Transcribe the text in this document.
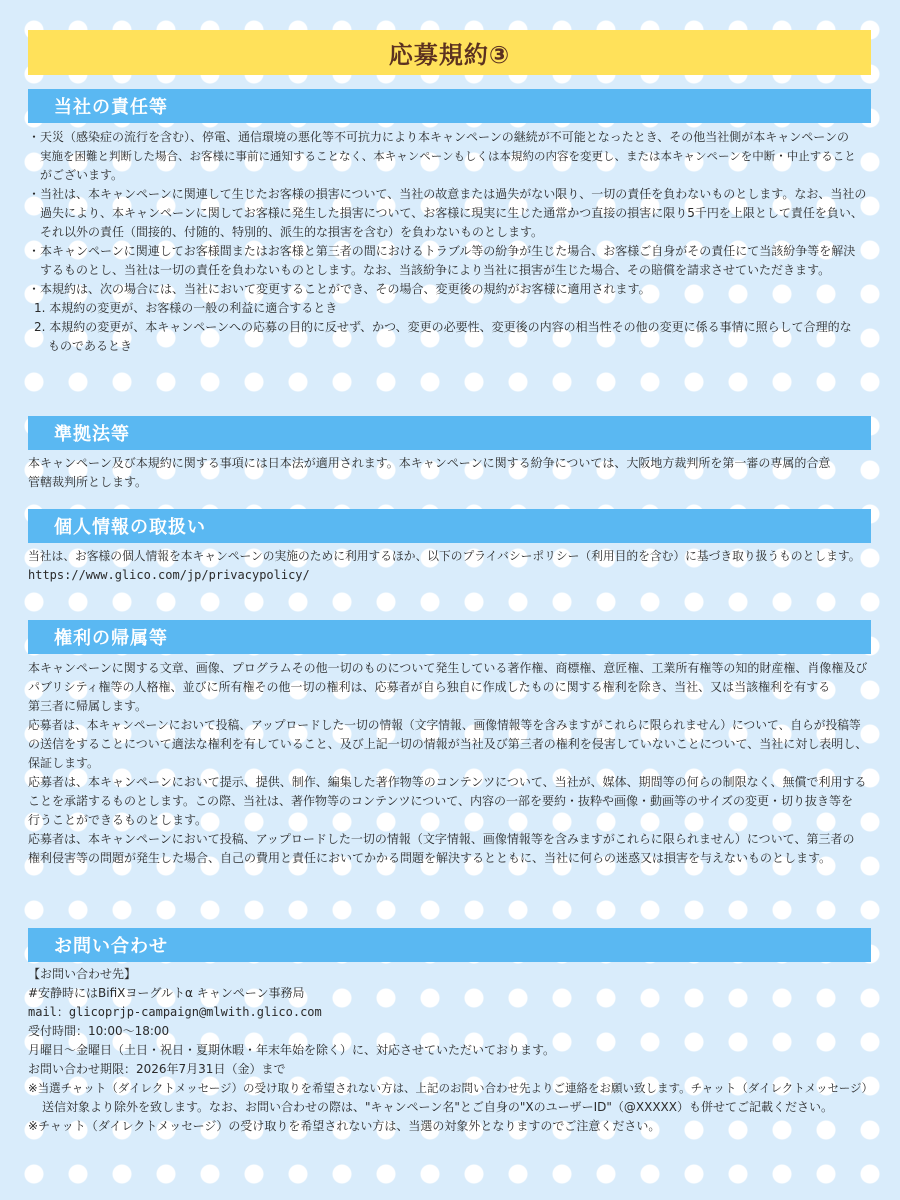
応募規約③
当社の責任等

・天災（感染症の流行を含む）、停電、通信環境の悪化等不可抗力により本キャンペーンの継続が不可能となったとき、その他当社側が本キャンペーンの

実施を困難と判断した場合、お客様に事前に通知することなく、本キャンペーンもしくは本規約の内容を変更し、または本キャンペーンを中断・中止すること

がございます。

・当社は、本キャンペーンに関連して生じたお客様の損害について、当社の故意または過失がない限り、一切の責任を負わないものとします。なお、当社の

過失により、本キャンペーンに関してお客様に発生した損害について、お客様に現実に生じた通常かつ直接の損害に限り5千円を上限として責任を負い、

それ以外の責任（間接的、付随的、特別的、派生的な損害を含む）を負わないものとします。

・本キャンペーンに関連してお客様間またはお客様と第三者の間におけるトラブル等の紛争が生じた場合、お客様ご自身がその責任にて当該紛争等を解決

するものとし、当社は一切の責任を負わないものとします。なお、当該紛争により当社に損害が生じた場合、その賠償を請求させていただきます。

・本規約は、次の場合には、当社において変更することができ、その場合、変更後の規約がお客様に適用されます。

1. 本規約の変更が、お客様の一般の利益に適合するとき

2. 本規約の変更が、本キャンペーンへの応募の目的に反せず、かつ、変更の必要性、変更後の内容の相当性その他の変更に係る事情に照らして合理的な

ものであるとき

準拠法等

本キャンペーン及び本規約に関する事項には日本法が適用されます。本キャンペーンに関する紛争については、大阪地方裁判所を第一審の専属的合意

管轄裁判所とします。

個人情報の取扱い

当社は、お客様の個人情報を本キャンペーンの実施のために利用するほか、以下のプライバシーポリシー（利用目的を含む）に基づき取り扱うものとします。

https://www.glico.com/jp/privacypolicy/

権利の帰属等

本キャンペーンに関する文章、画像、プログラムその他一切のものについて発生している著作権、商標権、意匠権、工業所有権等の知的財産権、肖像権及び

パブリシティ権等の人格権、並びに所有権その他一切の権利は、応募者が自ら独自に作成したものに関する権利を除き、当社、又は当該権利を有する

第三者に帰属します。

応募者は、本キャンペーンにおいて投稿、アップロードした一切の情報（文字情報、画像情報等を含みますがこれらに限られません）について、自らが投稿等

の送信をすることについて適法な権利を有していること、及び上記一切の情報が当社及び第三者の権利を侵害していないことについて、当社に対し表明し、

保証します。

応募者は、本キャンペーンにおいて提示、提供、制作、編集した著作物等のコンテンツについて、当社が、媒体、期間等の何らの制限なく、無償で利用する

ことを承諾するものとします。この際、当社は、著作物等のコンテンツについて、内容の一部を要約・抜粋や画像・動画等のサイズの変更・切り抜き等を

行うことができるものとします。

応募者は、本キャンペーンにおいて投稿、アップロードした一切の情報（文字情報、画像情報等を含みますがこれらに限られません）について、第三者の

権利侵害等の問題が発生した場合、自己の費用と責任においてかかる問題を解決するとともに、当社に何らの迷惑又は損害を与えないものとします。

お問い合わせ

【お問い合わせ先】

#安静時にはBifiXヨーグルトα キャンペーン事務局

mail：glicoprjp-campaign@mlwith.glico.com

受付時間：10:00～18:00

月曜日～金曜日（土日・祝日・夏期休暇・年末年始を除く）に、対応させていただいております。

お問い合わせ期限：2026年7月31日（金）まで

※当選チャット（ダイレクトメッセージ）の受け取りを希望されない方は、上記のお問い合わせ先よりご連絡をお願い致します。チャット（ダイレクトメッセージ）

送信対象より除外を致します。なお、お問い合わせの際は、"キャンペーン名"とご自身の"XのユーザーID"（@XXXXX）も併せてご記載ください。

※チャット（ダイレクトメッセージ）の受け取りを希望されない方は、当選の対象外となりますのでご注意ください。
